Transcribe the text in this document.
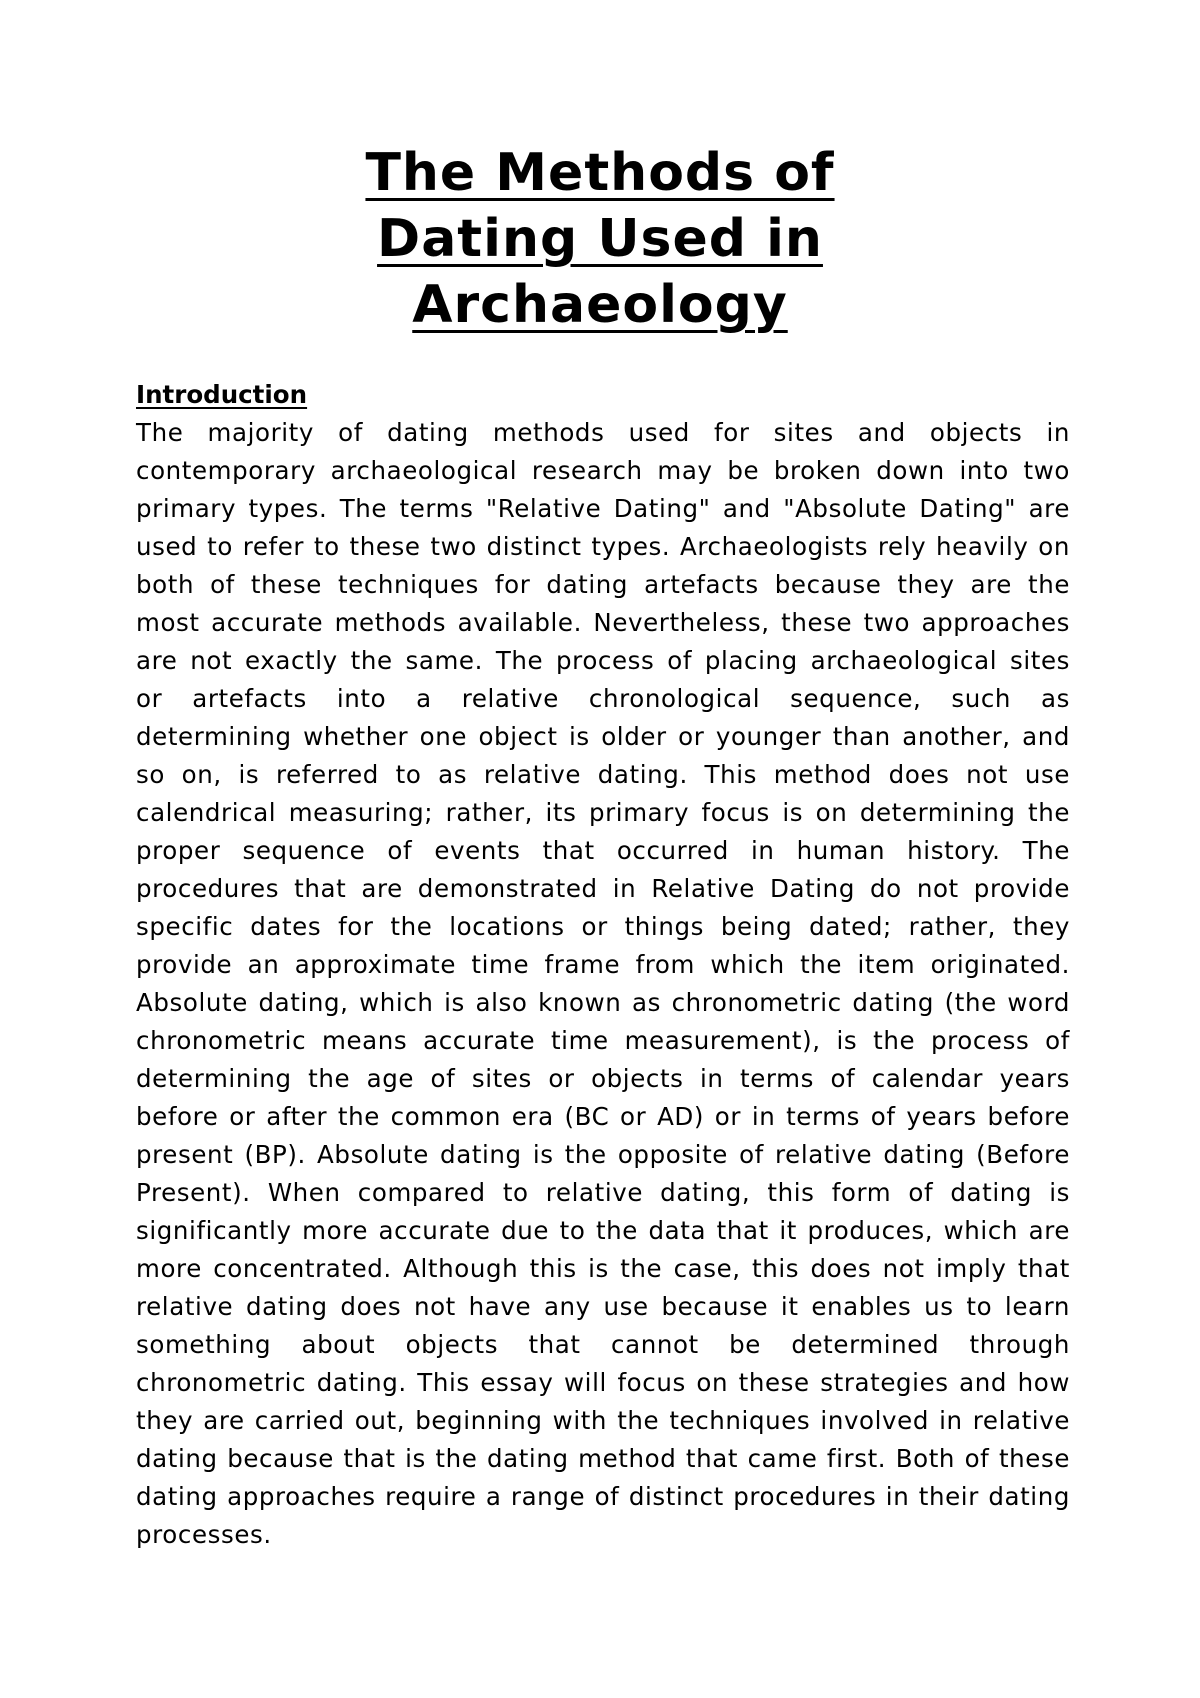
The Methods of
Dating Used in
Archaeology
Introduction

The majority of dating methods used for sites and objects in contemporary archaeological research may be broken down into two primary types. The terms "Relative Dating" and "Absolute Dating" are used to refer to these two distinct types. Archaeologists rely heavily on both of these techniques for dating artefacts because they are the most accurate methods available. Nevertheless, these two approaches are not exactly the same. The process of placing archaeological sites or artefacts into a relative chronological sequence, such as determining whether one object is older or younger than another, and so on, is referred to as relative dating. This method does not use calendrical measuring; rather, its primary focus is on determining the proper sequence of events that occurred in human history. The procedures that are demonstrated in Relative Dating do not provide specific dates for the locations or things being dated; rather, they provide an approximate time frame from which the item originated. Absolute dating, which is also known as chronometric dating (the word chronometric means accurate time measurement), is the process of determining the age of sites or objects in terms of calendar years before or after the common era (BC or AD) or in terms of years before present (BP). Absolute dating is the opposite of relative dating (Before Present). When compared to relative dating, this form of dating is significantly more accurate due to the data that it produces, which are more concentrated. Although this is the case, this does not imply that relative dating does not have any use because it enables us to learn something about objects that cannot be determined through chronometric dating. This essay will focus on these strategies and how they are carried out, beginning with the techniques involved in relative dating because that is the dating method that came first. Both of these dating approaches require a range of distinct procedures in their dating processes.
